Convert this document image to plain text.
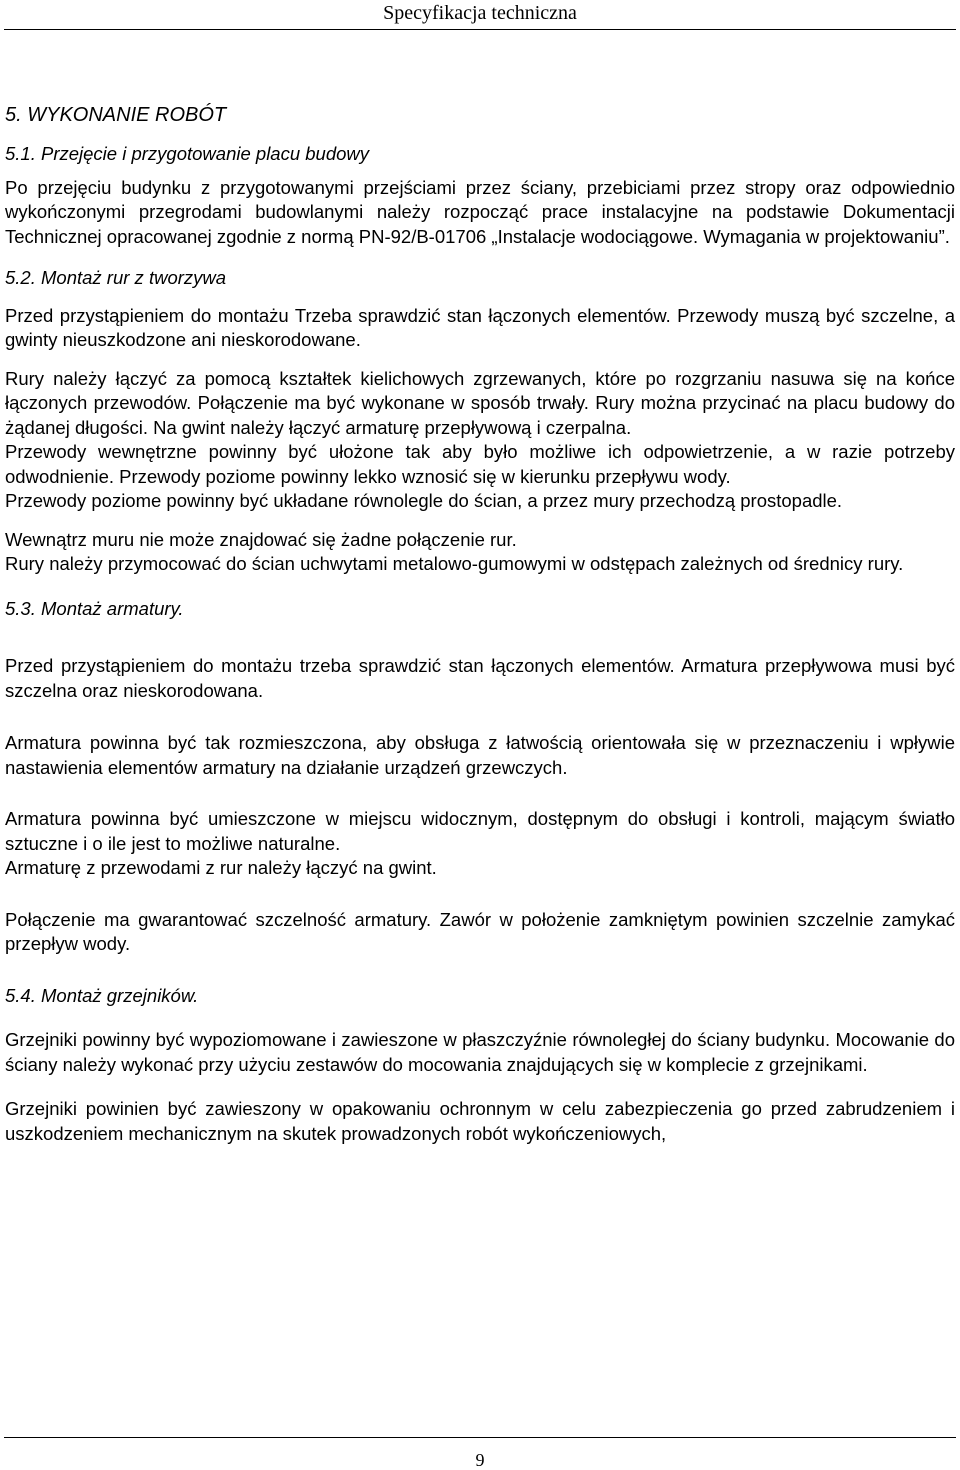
Specyfikacja techniczna

5. WYKONANIE ROBÓT

5.1. Przejęcie i przygotowanie placu budowy

Po przejęciu budynku z przygotowanymi przejściami przez ściany, przebiciami przez stropy oraz odpowiednio wykończonymi przegrodami budowlanymi należy rozpocząć prace instalacyjne na podstawie Dokumentacji Technicznej opracowanej zgodnie z normą PN-92/B-01706 „Instalacje wodociągowe. Wymagania w projektowaniu”.

5.2. Montaż rur z tworzywa

Przed przystąpieniem do montażu Trzeba sprawdzić stan łączonych elementów. Przewody muszą być szczelne, a gwinty nieuszkodzone ani nieskorodowane.

Rury należy łączyć za pomocą kształtek kielichowych zgrzewanych, które po rozgrzaniu nasuwa się na końce łączonych przewodów. Połączenie ma być wykonane w sposób trwały. Rury można przycinać na placu budowy do żądanej długości. Na gwint należy łączyć armaturę przepływową i czerpalna.

Przewody wewnętrzne powinny być ułożone tak aby było możliwe ich odpowietrzenie, a w razie potrzeby odwodnienie. Przewody poziome powinny lekko wznosić się w kierunku przepływu wody.

Przewody poziome powinny być układane równolegle do ścian, a przez mury przechodzą prostopadle.

Wewnątrz muru nie może znajdować się żadne połączenie rur.

Rury należy przymocować do ścian uchwytami metalowo-gumowymi w odstępach zależnych od średnicy rury.

5.3. Montaż armatury.

Przed przystąpieniem do montażu trzeba sprawdzić stan łączonych elementów. Armatura przepływowa musi być szczelna oraz nieskorodowana.

Armatura powinna być tak rozmieszczona, aby obsługa z łatwością orientowała się w przeznaczeniu i wpływie nastawienia elementów armatury na działanie urządzeń grzewczych.

Armatura powinna być umieszczone w miejscu widocznym, dostępnym do obsługi i kontroli, mającym światło sztuczne i o ile jest to możliwe naturalne.

Armaturę z przewodami z rur należy łączyć na gwint.

Połączenie ma gwarantować szczelność armatury. Zawór w położenie zamkniętym powinien szczelnie zamykać przepływ wody.

5.4. Montaż grzejników.

Grzejniki powinny być wypoziomowane i zawieszone w płaszczyźnie równoległej do ściany budynku. Mocowanie do ściany należy wykonać przy użyciu zestawów do mocowania znajdujących się w komplecie z grzejnikami.

Grzejniki powinien być zawieszony w opakowaniu ochronnym w celu zabezpieczenia go przed zabrudzeniem i uszkodzeniem mechanicznym na skutek prowadzonych robót wykończeniowych,

9
